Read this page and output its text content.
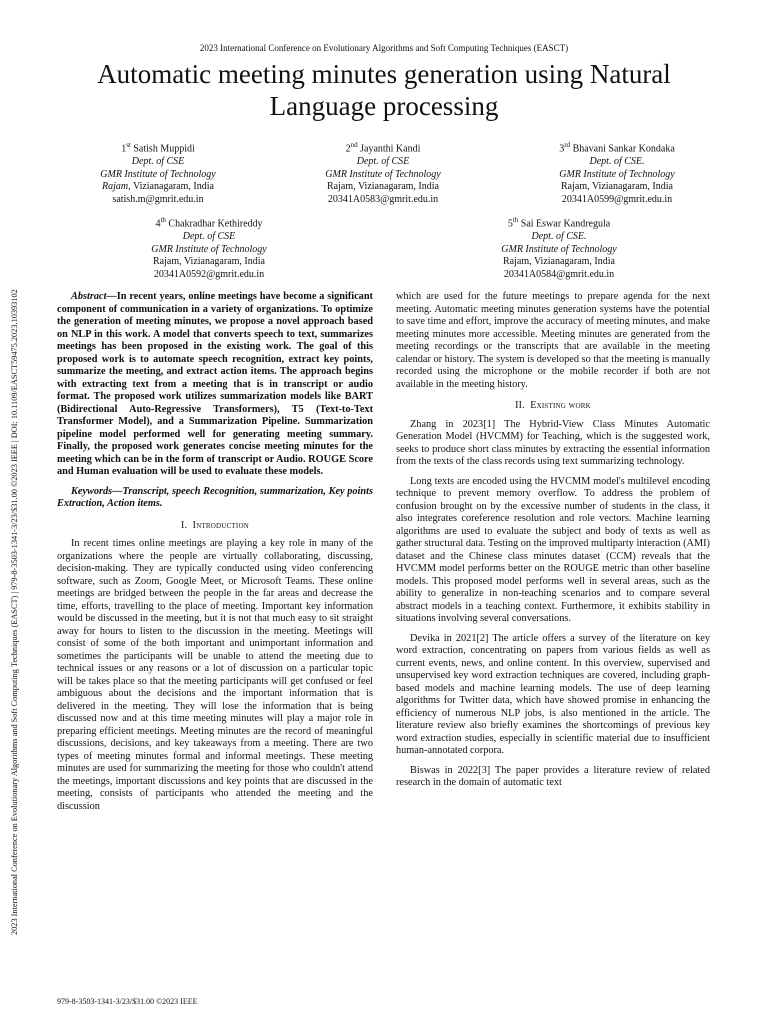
2023 International Conference on Evolutionary Algorithms and Soft Computing Techniques (EASCT)
Automatic meeting minutes generation using Natural Language processing
2023 International Conference on Evolutionary Algorithms and Soft Computing Techniques (EASCT) | 979-8-3503-1341-3/23/$31.00 ©2023 IEEE | DOI: 10.1109/EASCT59475.2023.10393102
1st Satish Muppidi
Dept. of CSE
GMR Institute of Technology
Rajam, Vizianagaram, India
satish.m@gmrit.edu.in
2nd Jayanthi Kandi
Dept. of CSE
GMR Institute of Technology
Rajam, Vizianagaram, India
20341A0583@gmrit.edu.in
3rd Bhavani Sankar Kondaka
Dept. of CSE.
GMR Institute of Technology
Rajam, Vizianagaram, India
20341A0599@gmrit.edu.in
4th Chakradhar Kethireddy
Dept. of CSE
GMR Institute of Technology
Rajam, Vizianagaram, India
20341A0592@gmrit.edu.in
5th Sai Eswar Kandregula
Dept. of CSE.
GMR Institute of Technology
Rajam, Vizianagaram, India
20341A0584@gmrit.edu.in

Abstract—In recent years, online meetings have become a significant component of communication in a variety of organizations. To optimize the generation of meeting minutes, we propose a novel approach based on NLP in this work. A model that converts speech to text, summarizes meetings has been proposed in the existing work. The goal of this proposed work is to automate speech recognition, extract key points, summarize the meeting, and extract action items. The approach begins with extracting text from a meeting that is in transcript or audio format. The proposed work utilizes summarization models like BART (Bidirectional Auto-Regressive Transformers), T5 (Text-to-Text Transformer Model), and a Summarization Pipeline. Summarization pipeline model performed well for generating meeting summary. Finally, the proposed work generates concise meeting minutes for the meeting which can be in the form of transcript or Audio. ROUGE Score and Human evaluation will be used to evaluate these models.

Keywords—Transcript, speech Recognition, summarization, Key points Extraction, Action items.

I. Introduction

In recent times online meetings are playing a key role in many of the organizations where the people are virtually collaborating, discussing, decision-making. They are typically conducted using video conferencing software, such as Zoom, Google Meet, or Microsoft Teams. These online meetings are bridged between the people in the far areas and decrease the time, efforts, travelling to the place of meeting. Important key information would be discussed in the meeting, but it is not that much easy to sit straight away for hours to listen to the discussion in the meeting. Meetings will consist of some of the both important and unimportant information and sometimes the participants will be unable to attend the meeting due to technical issues or any reasons or a lot of discussion on a particular topic will be takes place so that the meeting participants will get confused or feel ambiguous about the decisions and the important information that is delivered in the meeting. They will lose the information that is being discussed now and at this time meeting minutes will play a major role in preparing efficient meetings. Meeting minutes are the record of meaningful discussions, decisions, and key takeaways from a meeting. There are two types of meeting minutes formal and informal meetings. These meeting minutes are used for summarizing the meeting for those who couldn't attend the meetings, important discussions and key points that are discussed in the meeting, consists of participants who attended the meeting and the discussion

which are used for the future meetings to prepare agenda for the next meeting. Automatic meeting minutes generation systems have the potential to save time and effort, improve the accuracy of meeting minutes, and make meeting minutes more accessible. Meeting minutes are generated from the meeting recordings or the transcripts that are available in the meeting calendar or history. The system is developed so that the meeting is manually recorded using the microphone or the mobile recorder if both are not available in the meeting history.

II. Existing work

Zhang in 2023[1] The Hybrid-View Class Minutes Automatic Generation Model (HVCMM) for Teaching, which is the suggested work, seeks to produce short class minutes by extracting the essential information from the texts of the class records using text summarizing technology.

Long texts are encoded using the HVCMM model's multilevel encoding technique to prevent memory overflow. To address the problem of confusion brought on by the excessive number of students in the class, it also integrates coreference resolution and role vectors. Machine learning algorithms are used to evaluate the subject and body of texts as well as gather structural data. Testing on the improved multiparty interaction (AMI) dataset and the Chinese class minutes dataset (CCM) reveals that the HVCMM model performs better on the ROUGE metric than other baseline models. This proposed model performs well in several areas, such as the ability to generalize in non-teaching scenarios and to compare several abstract models in a teaching context. Furthermore, it exhibits stability in situations involving several conversations.

Devika in 2021[2] The article offers a survey of the literature on key word extraction, concentrating on papers from various fields as well as current events, news, and online content. In this overview, supervised and unsupervised key word extraction techniques are covered, including graph-based models and machine learning models. The use of deep learning algorithms for Twitter data, which have showed promise in enhancing the efficiency of numerous NLP jobs, is also mentioned in the article. The literature review also briefly examines the shortcomings of previous key word extraction studies, especially in scientific material due to insufficient human-annotated corpora.

Biswas in 2022[3] The paper provides a literature review of related research in the domain of automatic text

979-8-3503-1341-3/23/$31.00 ©2023 IEEE
